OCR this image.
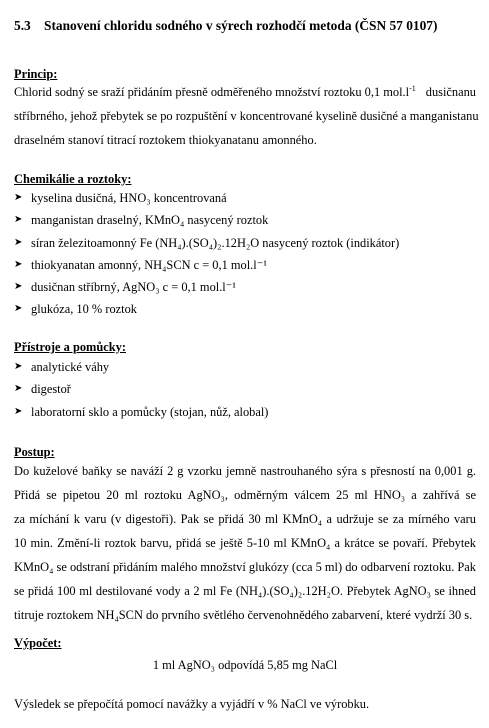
5.3 Stanovení chloridu sodného v sýrech rozhodčí metoda (ČSN 57 0107)
Princip:
Chlorid sodný se sraží přidáním přesně odměřeného množství roztoku 0,1 $mol.l^{-1}$ dusičnanu
stříbrného, jehož přebytek se po rozpuštění v koncentrované kyselině dusičné a manganistanu
draselném stanoví titrací roztokem thiokyanatanu amonného.
Chemikálie a roztoky:
➤ kyselina dusičná, HNO₃ koncentrovaná
➤ manganistan draselný, KMnO₄ nasycený roztok
➤ síran železitoamonný Fe (NH₄).(SO₄)₂.12H₂O nasycený roztok (indikátor)
➤ thiokyanatan amonný, NH₄SCN c = 0,1 mol.l⁻¹
➤ dusičnan stříbrný, AgNO₃ c = 0,1 mol.l⁻¹
➤ glukóza, 10 % roztok
Přístroje a pomůcky:
➤ analytické váhy
➤ digestoř
➤ laboratorní sklo a pomůcky (stojan, nůž, alobal)
Postup:
Do kuželové baňky se naváží 2 g vzorku jemně nastrouhaného sýra s přesností na 0,001 g.
Přidá se pipetou 20 ml roztoku AgNO₃, odměrným válcem 25 ml HNO₃ a zahřívá se
za míchání k varu (v digestoři). Pak se přidá 30 ml KMnO₄ a udržuje se za mírného varu
10 min. Změní-li roztok barvu, přidá se ještě 5-10 ml KMnO₄ a krátce se povaří. Přebytek
KMnO₄ se odstraní přidáním malého množství glukózy (cca 5 ml) do odbarvení roztoku. Pak
se přidá 100 ml destilované vody a 2 ml Fe (NH₄).(SO₄)₂.12H₂O. Přebytek AgNO₃ se ihned
titruje roztokem NH₄SCN do prvního světlého červenohnědého zabarvení, které vydrží 30 s.
Výpočet:
1 ml AgNO₃ odpovídá 5,85 mg NaCl
Výsledek se přepočítá pomocí navážky a vyjádří v % NaCl ve výrobku.
